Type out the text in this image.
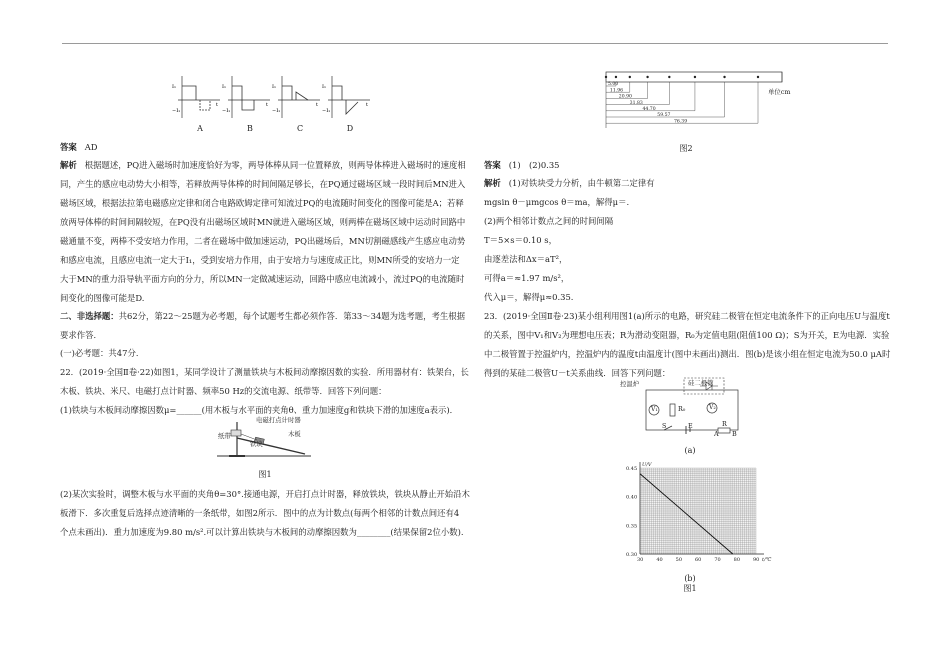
I₁
−I₁
t
I₁
−I₁
t
I₁
−I₁
t
I₁
−I₁
t
A	B	C	D
答案 AD
解析 根据题述，PQ进入磁场时加速度恰好为零，两导体棒从同一位置释放，则两导体棒进入磁场时的速度相
同，产生的感应电动势大小相等，若释放两导体棒的时间间隔足够长，在PQ通过磁场区域一段时间后MN进入
磁场区域，根据法拉第电磁感应定律和闭合电路欧姆定律可知流过PQ的电流随时间变化的图像可能是A；若释
放两导体棒的时间间隔较短，在PQ没有出磁场区域时MN就进入磁场区域，则两棒在磁场区域中运动时回路中
磁通量不变，两棒不受安培力作用，二者在磁场中做加速运动，PQ出磁场后，MN切割磁感线产生感应电动势
和感应电流，且感应电流一定大于I₁，受到安培力作用，由于安培力与速度成正比，则MN所受的安培力一定
大于MN的重力沿导轨平面方向的分力，所以MN一定做减速运动，回路中感应电流减小，流过PQ的电流随时
间变化的图像可能是D.
二、非选择题：共62分，第22～25题为必考题，每个试题考生都必须作答．第33～34题为选考题，考生根据
要求作答．
(一)必考题：共47分．
22．(2019·全国Ⅱ卷·22)如图1，某同学设计了测量铁块与木板间动摩擦因数的实验．所用器材有：铁架台，长
木板、铁块、米尺、电磁打点计时器、频率50 Hz的交流电源、纸带等．回答下列问题：
(1)铁块与木板间动摩擦因数μ=______(用木板与水平面的夹角θ、重力加速度g和铁块下滑的加速度a表示)．
电磁打点计时器
纸带
铁块
木板
图1
(2)某次实验时，调整木板与水平面的夹角θ=30°.接通电源，开启打点计时器，释放铁块，铁块从静止开始沿木
板滑下．多次重复后选择点迹清晰的一条纸带，如图2所示．图中的点为计数点(每两个相邻的计数点间还有4
个点未画出)．重力加速度为9.80 m/s².可以计算出铁块与木板间的动摩擦因数为________(结果保留2位小数).
5.00
11.96
20.90
31.83
44.70
59.57
76.39
单位cm
图2
答案 (1)　(2)0.35
解析 (1)对铁块受力分析，由牛顿第二定律有
mgsin θ－μmgcos θ＝ma，解得μ＝.
(2)两个相邻计数点之间的时间间隔
T＝5×s＝0.10 s，
由逐差法和Δx＝aT²，
可得a＝≈1.97 m/s²，
代入μ＝，解得μ≈0.35.
23．(2019·全国Ⅱ卷·23)某小组利用图1(a)所示的电路，研究硅二极管在恒定电流条件下的正向电压U与温度t
的关系，图中V₁和V₂为理想电压表；R为滑动变阻器，R₀为定值电阻(阻值100 Ω)；S为开关，E为电源．实验
中二极管置于控温炉内，控温炉内的温度t由温度计(图中未画出)测出．图(b)是该小组在恒定电流为50.0 μA时
得到的某硅二极管U－t关系曲线．回答下列问题：
控温炉	硅二极管
S	E	R
A	B
R₀
V₁	V₂
(a)
30	40	50	60	70	80	90
0.30
0.35
0.40
0.45
t/℃
U/V
(b)
图1
